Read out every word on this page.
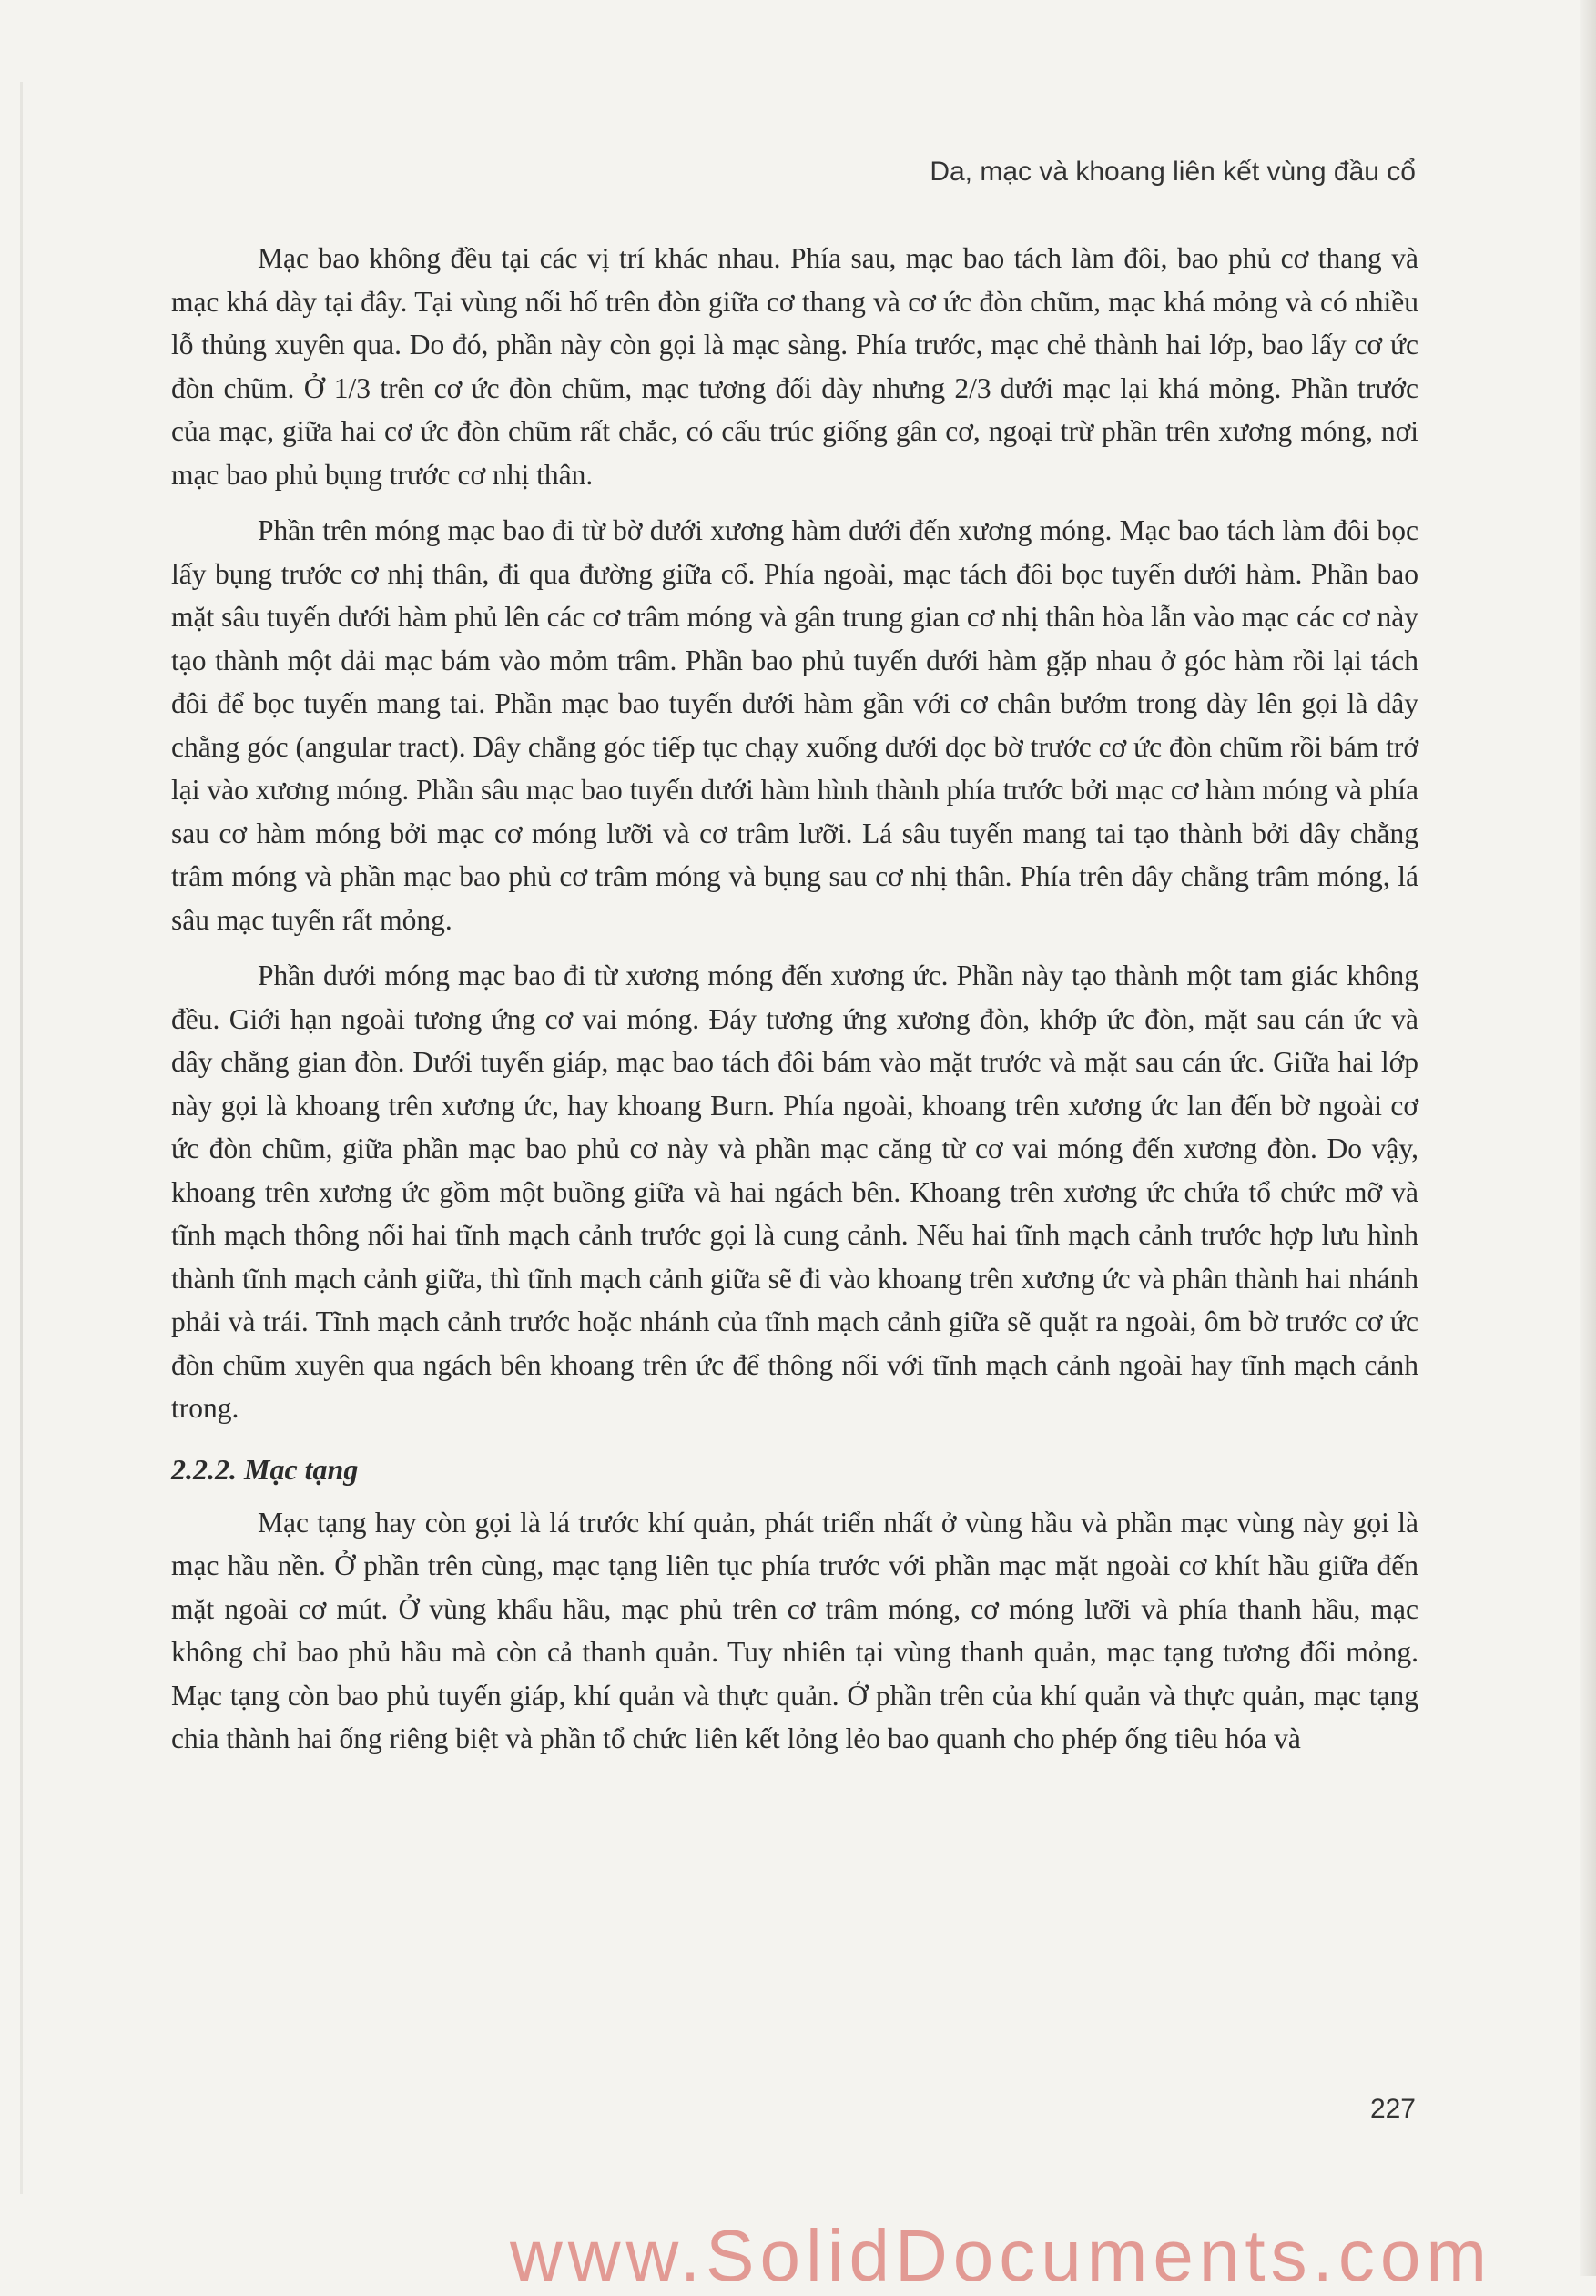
Da, mạc và khoang liên kết vùng đầu cổ

Mạc bao không đều tại các vị trí khác nhau. Phía sau, mạc bao tách làm đôi, bao phủ cơ thang và mạc khá dày tại đây. Tại vùng nối hố trên đòn giữa cơ thang và cơ ức đòn chũm, mạc khá mỏng và có nhiều lỗ thủng xuyên qua. Do đó, phần này còn gọi là mạc sàng. Phía trước, mạc chẻ thành hai lớp, bao lấy cơ ức đòn chũm. Ở 1/3 trên cơ ức đòn chũm, mạc tương đối dày nhưng 2/3 dưới mạc lại khá mỏng. Phần trước của mạc, giữa hai cơ ức đòn chũm rất chắc, có cấu trúc giống gân cơ, ngoại trừ phần trên xương móng, nơi mạc bao phủ bụng trước cơ nhị thân.

Phần trên móng mạc bao đi từ bờ dưới xương hàm dưới đến xương móng. Mạc bao tách làm đôi bọc lấy bụng trước cơ nhị thân, đi qua đường giữa cổ. Phía ngoài, mạc tách đôi bọc tuyến dưới hàm. Phần bao mặt sâu tuyến dưới hàm phủ lên các cơ trâm móng và gân trung gian cơ nhị thân hòa lẫn vào mạc các cơ này tạo thành một dải mạc bám vào mỏm trâm. Phần bao phủ tuyến dưới hàm gặp nhau ở góc hàm rồi lại tách đôi để bọc tuyến mang tai. Phần mạc bao tuyến dưới hàm gần với cơ chân bướm trong dày lên gọi là dây chằng góc (angular tract). Dây chằng góc tiếp tục chạy xuống dưới dọc bờ trước cơ ức đòn chũm rồi bám trở lại vào xương móng. Phần sâu mạc bao tuyến dưới hàm hình thành phía trước bởi mạc cơ hàm móng và phía sau cơ hàm móng bởi mạc cơ móng lưỡi và cơ trâm lưỡi. Lá sâu tuyến mang tai tạo thành bởi dây chằng trâm móng và phần mạc bao phủ cơ trâm móng và bụng sau cơ nhị thân. Phía trên dây chằng trâm móng, lá sâu mạc tuyến rất mỏng.

Phần dưới móng mạc bao đi từ xương móng đến xương ức. Phần này tạo thành một tam giác không đều. Giới hạn ngoài tương ứng cơ vai móng. Đáy tương ứng xương đòn, khớp ức đòn, mặt sau cán ức và dây chằng gian đòn. Dưới tuyến giáp, mạc bao tách đôi bám vào mặt trước và mặt sau cán ức. Giữa hai lớp này gọi là khoang trên xương ức, hay khoang Burn. Phía ngoài, khoang trên xương ức lan đến bờ ngoài cơ ức đòn chũm, giữa phần mạc bao phủ cơ này và phần mạc căng từ cơ vai móng đến xương đòn. Do vậy, khoang trên xương ức gồm một buồng giữa và hai ngách bên. Khoang trên xương ức chứa tổ chức mỡ và tĩnh mạch thông nối hai tĩnh mạch cảnh trước gọi là cung cảnh. Nếu hai tĩnh mạch cảnh trước hợp lưu hình thành tĩnh mạch cảnh giữa, thì tĩnh mạch cảnh giữa sẽ đi vào khoang trên xương ức và phân thành hai nhánh phải và trái. Tĩnh mạch cảnh trước hoặc nhánh của tĩnh mạch cảnh giữa sẽ quặt ra ngoài, ôm bờ trước cơ ức đòn chũm xuyên qua ngách bên khoang trên ức để thông nối với tĩnh mạch cảnh ngoài hay tĩnh mạch cảnh trong.

2.2.2. Mạc tạng

Mạc tạng hay còn gọi là lá trước khí quản, phát triển nhất ở vùng hầu và phần mạc vùng này gọi là mạc hầu nền. Ở phần trên cùng, mạc tạng liên tục phía trước với phần mạc mặt ngoài cơ khít hầu giữa đến mặt ngoài cơ mút. Ở vùng khẩu hầu, mạc phủ trên cơ trâm móng, cơ móng lưỡi và phía thanh hầu, mạc không chỉ bao phủ hầu mà còn cả thanh quản. Tuy nhiên tại vùng thanh quản, mạc tạng tương đối mỏng. Mạc tạng còn bao phủ tuyến giáp, khí quản và thực quản. Ở phần trên của khí quản và thực quản, mạc tạng chia thành hai ống riêng biệt và phần tổ chức liên kết lỏng lẻo bao quanh cho phép ống tiêu hóa và

227
www.SolidDocuments.com
